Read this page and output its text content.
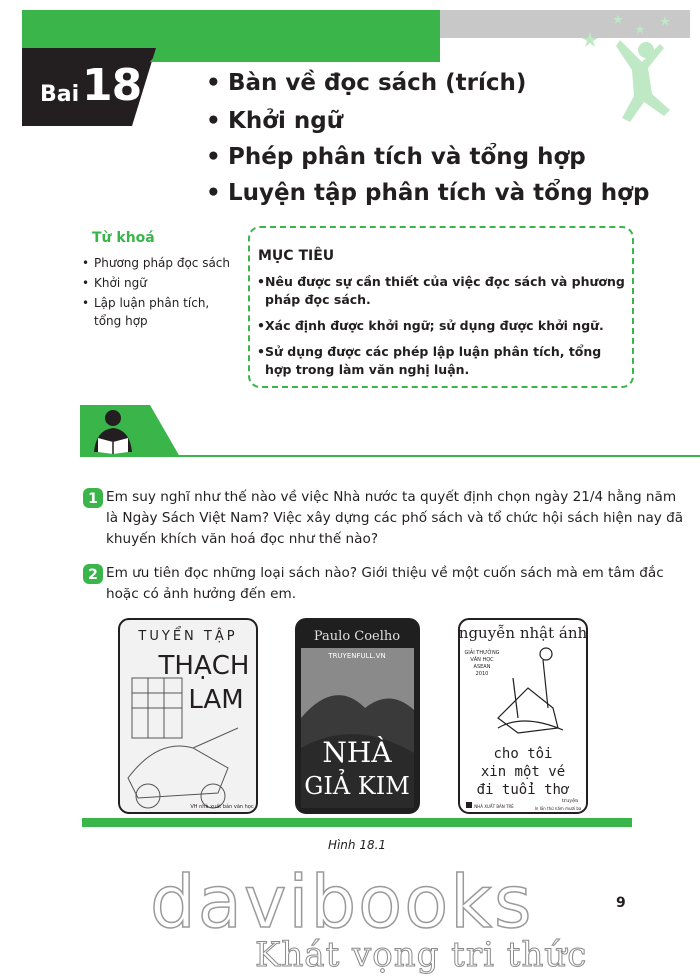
Bai 18	• Bàn về đọc sách (trích)
• Khởi ngữ
• Phép phân tích và tổng hợp
• Luyện tập phân tích và tổng hợp
Từ khoá
• Phương pháp đọc sách
• Khởi ngữ
• Lập luận phân tích, tổng hợp
MỤC TIÊU
• Nêu được sự cần thiết của việc đọc sách và phương pháp đọc sách.
• Xác định được khởi ngữ; sử dụng được khởi ngữ.
• Sử dụng được các phép lập luận phân tích, tổng hợp trong làm văn nghị luận.
1 Em suy nghĩ như thế nào về việc Nhà nước ta quyết định chọn ngày 21/4 hằng năm
là Ngày Sách Việt Nam? Việc xây dựng các phố sách và tổ chức hội sách hiện nay đã
khuyến khích văn hoá đọc như thế nào?
2 Em ưu tiên đọc những loại sách nào? Giới thiệu về một cuốn sách mà em tâm đắc
hoặc có ảnh hưởng đến em.
TUYỂN TẬP
THẠCH
LAM
VH nhà xuất bản văn học
Paulo Coelho
TRUYENFULL.VN
NHÀ
GIẢ KIM
nguyễn nhật ánh
GIẢI THƯỞNG
VĂN HỌC
ASEAN
2010
cho tôi
xin một vé
đi tuổi thơ
truyện
NHÀ XUẤT BẢN TRẺ	In lần thứ năm mươi ba
Hình 18.1
9
davibooks
Khát vọng tri thức
